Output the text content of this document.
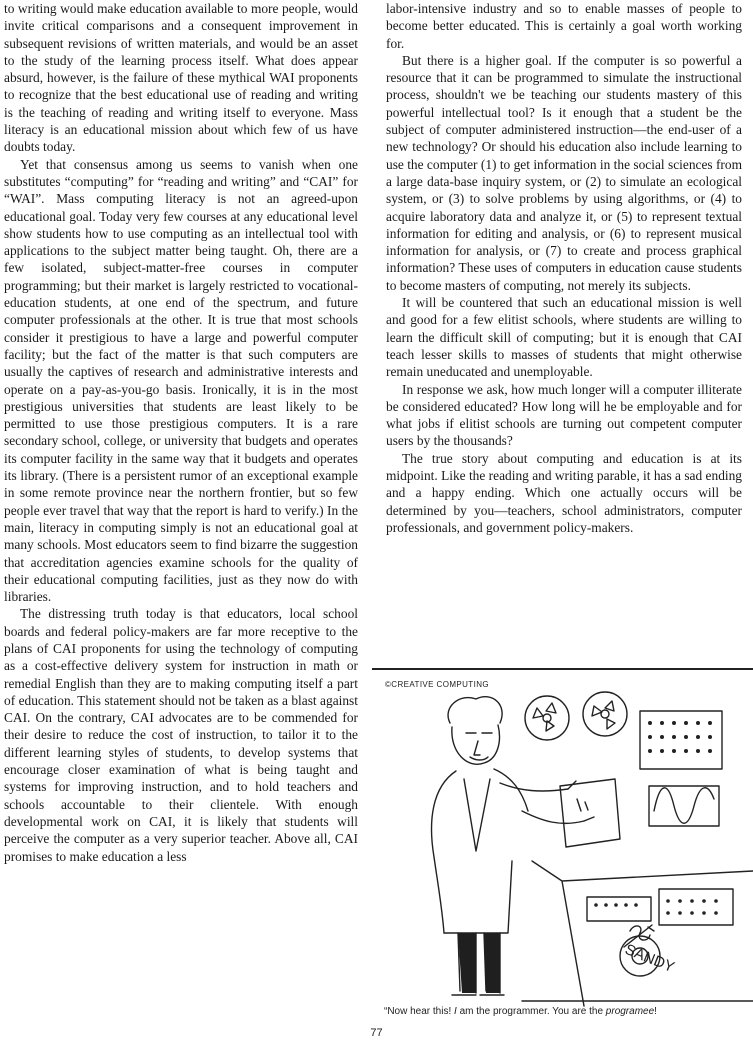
to writing would make education available to more people, would invite critical comparisons and a consequent improvement in subsequent revisions of written materials, and would be an asset to the study of the learning process itself. What does appear absurd, however, is the failure of these mythical WAI proponents to recognize that the best educational use of reading and writing is the teaching of reading and writing itself to everyone. Mass literacy is an educational mission about which few of us have doubts today.

Yet that consensus among us seems to vanish when one substitutes “computing” for “reading and writing” and “CAI” for “WAI”. Mass computing literacy is not an agreed-upon educational goal. Today very few courses at any educational level show students how to use computing as an intellectual tool with applications to the subject matter being taught. Oh, there are a few isolated, subject-matter-free courses in computer programming; but their market is largely restricted to vocational-education students, at one end of the spectrum, and future computer professionals at the other. It is true that most schools consider it prestigious to have a large and powerful computer facility; but the fact of the matter is that such computers are usually the captives of research and administrative interests and operate on a pay-as-you-go basis. Ironically, it is in the most prestigious universities that students are least likely to be permitted to use those prestigious computers. It is a rare secondary school, college, or university that budgets and operates its computer facility in the same way that it budgets and operates its library. (There is a persistent rumor of an exceptional example in some remote province near the northern frontier, but so few people ever travel that way that the report is hard to verify.) In the main, literacy in computing simply is not an educational goal at many schools. Most educators seem to find bizarre the suggestion that accreditation agencies examine schools for the quality of their educational computing facilities, just as they now do with libraries.

The distressing truth today is that educators, local school boards and federal policy-makers are far more receptive to the plans of CAI proponents for using the technology of computing as a cost-effective delivery system for instruction in math or remedial English than they are to making computing itself a part of education. This statement should not be taken as a blast against CAI. On the contrary, CAI advocates are to be commended for their desire to reduce the cost of instruction, to tailor it to the different learning styles of students, to develop systems that encourage closer examination of what is being taught and systems for improving instruction, and to hold teachers and schools accountable to their clientele. With enough developmental work on CAI, it is likely that students will perceive the computer as a very superior teacher. Above all, CAI promises to make education a less

labor-intensive industry and so to enable masses of people to become better educated. This is certainly a goal worth working for.

But there is a higher goal. If the computer is so powerful a resource that it can be programmed to simulate the instructional process, shouldn't we be teaching our students mastery of this powerful intellectual tool? Is it enough that a student be the subject of computer administered instruction—the end-user of a new technology? Or should his education also include learning to use the computer (1) to get information in the social sciences from a large data-base inquiry system, or (2) to simulate an ecological system, or (3) to solve problems by using algorithms, or (4) to acquire laboratory data and analyze it, or (5) to represent textual information for editing and analysis, or (6) to represent musical information for analysis, or (7) to create and process graphical information? These uses of computers in education cause students to become masters of computing, not merely its subjects.

It will be countered that such an educational mission is well and good for a few elitist schools, where students are willing to learn the difficult skill of computing; but it is enough that CAI teach lesser skills to masses of students that might otherwise remain uneducated and unemployable.

In response we ask, how much longer will a computer illiterate be considered educated? How long will he be employable and for what jobs if elitist schools are turning out competent computer users by the thousands?

The true story about computing and education is at its midpoint. Like the reading and writing parable, it has a sad ending and a happy ending. Which one actually occurs will be determined by you—teachers, school administrators, computer professionals, and government policy-makers.

SANDY
©CREATIVE COMPUTING
“Now hear this! I am the programmer. You are the programee!
77
